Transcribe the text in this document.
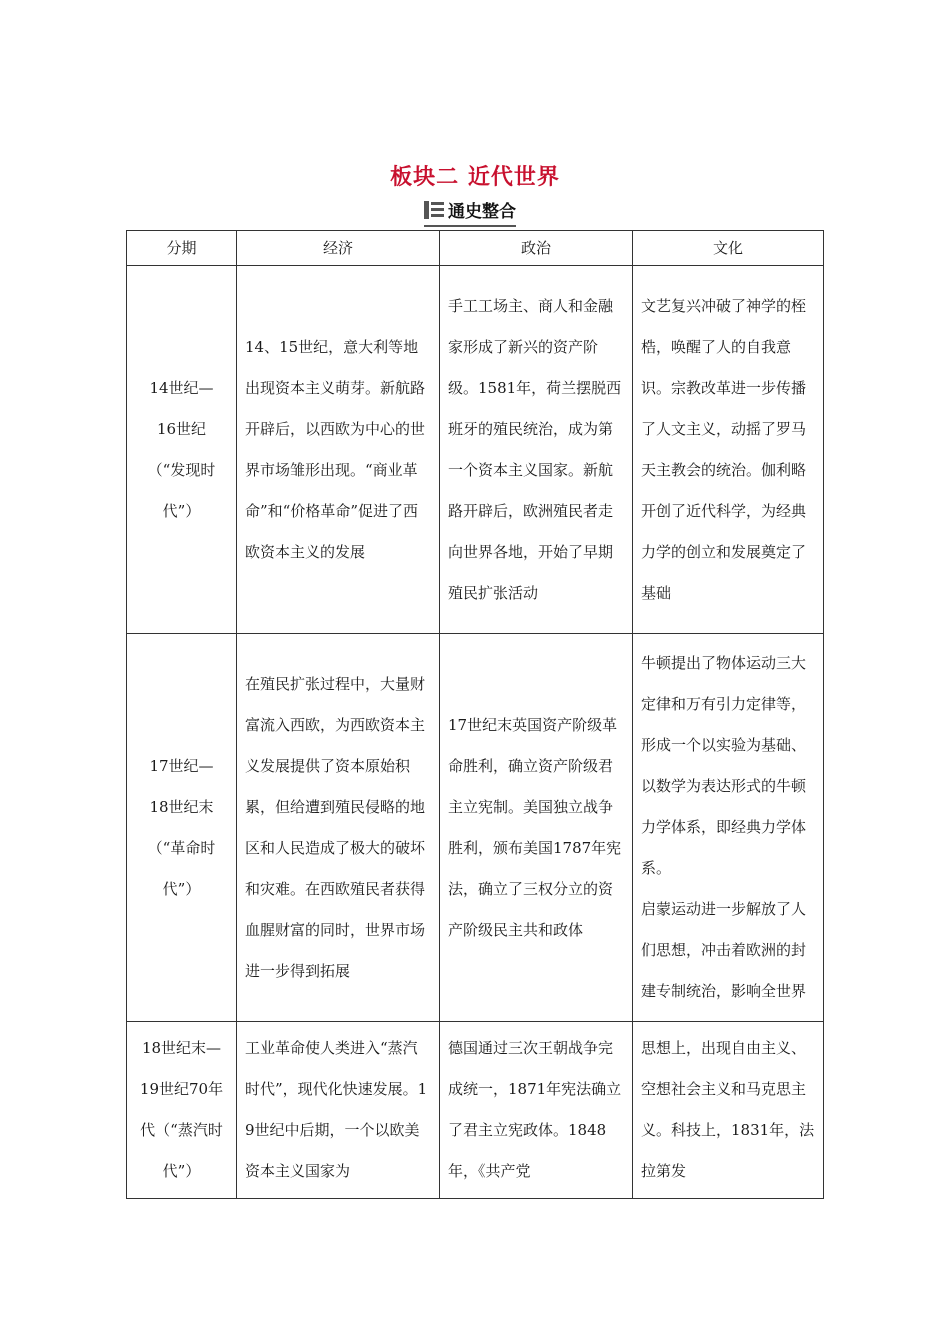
板块二 近代世界
通史整合
分期	经济	政治	文化

14世纪—16世纪（“发现时代”）	14、15世纪，意大利等地出现资本主义萌芽。新航路开辟后，以西欧为中心的世界市场雏形出现。“商业革命”和“价格革命”促进了西欧资本主义的发展	手工工场主、商人和金融家形成了新兴的资产阶级。1581年，荷兰摆脱西班牙的殖民统治，成为第一个资本主义国家。新航路开辟后，欧洲殖民者走向世界各地，开始了早期殖民扩张活动	文艺复兴冲破了神学的桎梏，唤醒了人的自我意识。宗教改革进一步传播了人文主义，动摇了罗马天主教会的统治。伽利略开创了近代科学，为经典力学的创立和发展奠定了基础

17世纪—18世纪末（“革命时代”）	在殖民扩张过程中，大量财富流入西欧，为西欧资本主义发展提供了资本原始积累，但给遭到殖民侵略的地区和人民造成了极大的破坏和灾难。在西欧殖民者获得血腥财富的同时，世界市场进一步得到拓展	17世纪末英国资产阶级革命胜利，确立资产阶级君主立宪制。美国独立战争胜利，颁布美国1787年宪法，确立了三权分立的资产阶级民主共和政体	牛顿提出了物体运动三大定律和万有引力定律等，形成一个以实验为基础、以数学为表达形式的牛顿力学体系，即经典力学体系。
启蒙运动进一步解放了人们思想，冲击着欧洲的封建专制统治，影响全世界

18世纪末—19世纪70年代（“蒸汽时代”）	工业革命使人类进入“蒸汽时代”，现代化快速发展。19世纪中后期，一个以欧美资本主义国家为	德国通过三次王朝战争完成统一，1871年宪法确立了君主立宪政体。1848年，《共产党	思想上，出现自由主义、空想社会主义和马克思主义。科技上，1831年，法拉第发
